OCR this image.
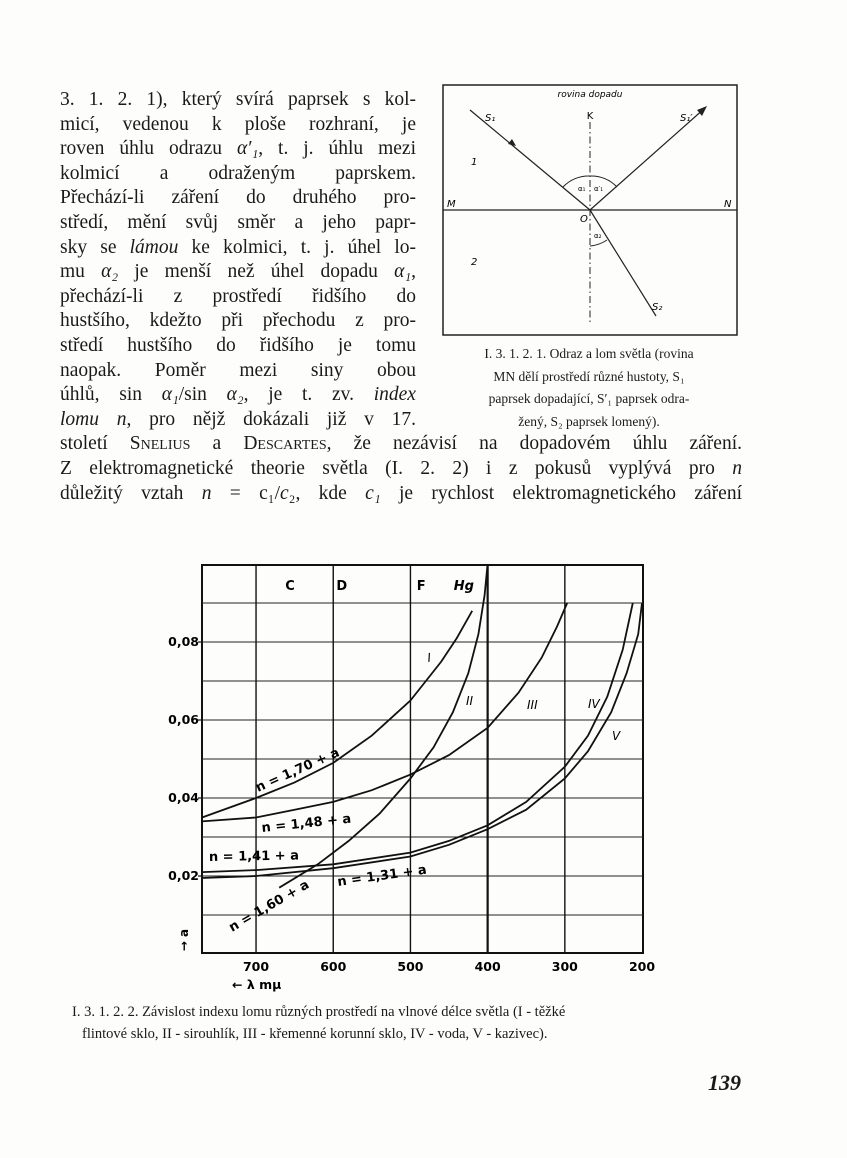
3. 1. 2. 1), který svírá paprsek s kol-
micí, vedenou k ploše rozhraní, je
roven úhlu odrazu α′₁, t. j. úhlu mezi
kolmicí a odraženým paprskem.
Přechází-li záření do druhého pro-
středí, mění svůj směr a jeho papr-
sky se lámou ke kolmici, t. j. úhel lo-
mu α₂ je menší než úhel dopadu α₁,
přechází-li z prostředí řidšího do
hustšího, kdežto při přechodu z pro-
středí hustšího do řidšího je tomu
naopak. Poměr mezi siny obou
úhlů, sin α₁/sin α₂, je t. zv. index
lomu n, pro nějž dokázali již v 17.
století Snelius a Descartes, že nezávisí na dopadovém úhlu záření.
Z elektromagnetické theorie světla (I. 2. 2) i z pokusů vyplývá pro n
důležitý vztah n = c₁/c₂, kde c₁ je rychlost elektromagnetického záření
rovina dopadu
S₁	K	S₁′
1
2
M	N
O
S₂
α₁ α′₁
α₂
I. 3. 1. 2. 1. Odraz a lom světla (rovina
MN dělí prostředí různé hustoty, S₁
paprsek dopadající, S′₁ paprsek odra-
žený, S₂ paprsek lomený).
700	600	500	400	300	200
0,08
0,06
0,04
0,02
C	D	F Hg
I
n = 1,70 + a
II
n = 1,60 + a
III
n = 1,48 + a
IV
n = 1,41 + a
V
n = 1,31 + a
← λ mμ
→ a
I. 3. 1. 2. 2. Závislost indexu lomu různých prostředí na vlnové délce světla (I - těžké
flintové sklo, II - sirouhlík, III - křemenné korunní sklo, IV - voda, V - kazivec).
139
